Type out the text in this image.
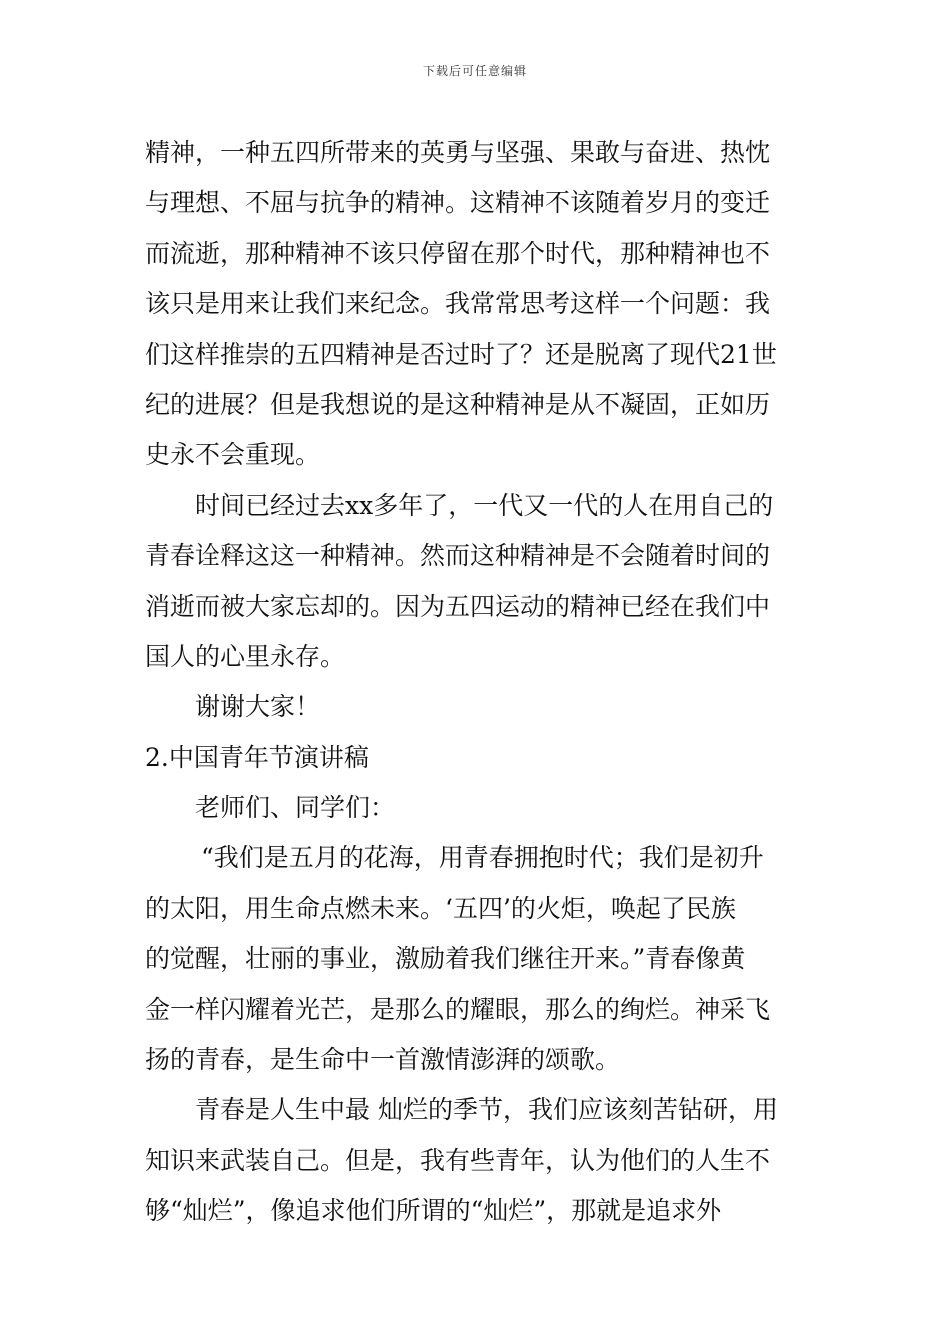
下载后可任意编辑
精神，一种五四所带来的英勇与坚强、果敢与奋进、热忱
与理想、不屈与抗争的精神。这精神不该随着岁月的变迁
而流逝，那种精神不该只停留在那个时代，那种精神也不
该只是用来让我们来纪念。我常常思考这样一个问题：我
们这样推崇的五四精神是否过时了？还是脱离了现代21世
纪的进展？但是我想说的是这种精神是从不凝固，正如历
史永不会重现。
时间已经过去xx多年了，一代又一代的人在用自己的
青春诠释这这一种精神。然而这种精神是不会随着时间的
消逝而被大家忘却的。因为五四运动的精神已经在我们中
国人的心里永存。
谢谢大家！
2.中国青年节演讲稿
老师们、同学们：
“我们是五月的花海，用青春拥抱时代；我们是初升
的太阳，用生命点燃未来。‘五四’的火炬，唤起了民族
的觉醒，壮丽的事业，激励着我们继往开来。”青春像黄
金一样闪耀着光芒，是那么的耀眼，那么的绚烂。神采飞
扬的青春，是生命中一首激情澎湃的颂歌。
青春是人生中最 灿烂的季节，我们应该刻苦钻研，用
知识来武装自己。但是，我有些青年，认为他们的人生不
够“灿烂”，像追求他们所谓的“灿烂”，那就是追求外
